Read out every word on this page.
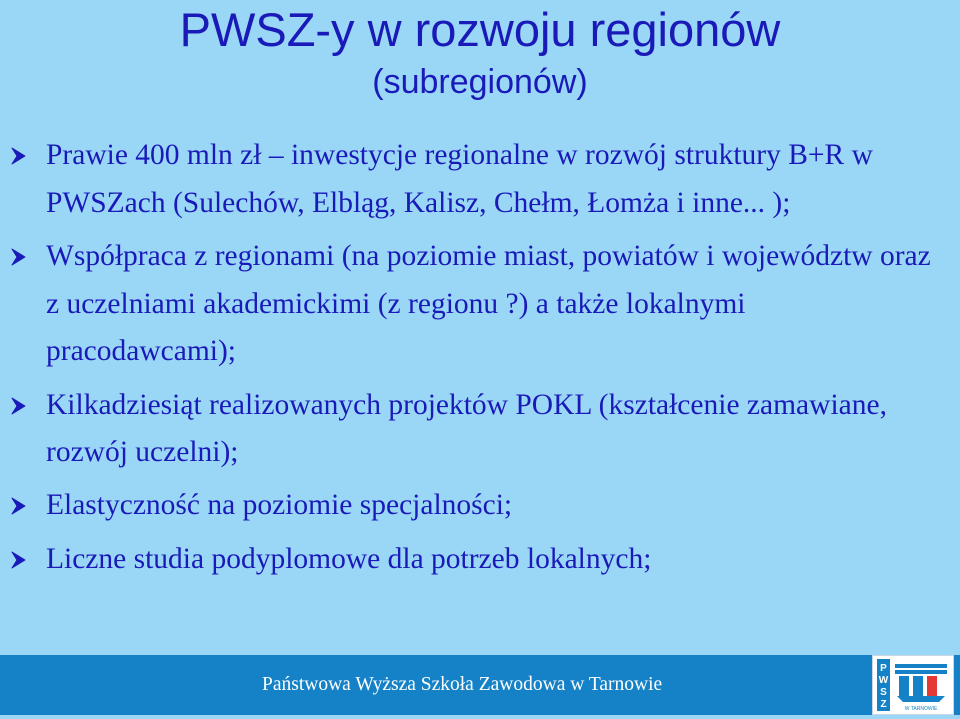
PWSZ-y w rozwoju regionów
(subregionów)
Prawie 400 mln zł – inwestycje regionalne w rozwój struktury B+R w PWSZach (Sulechów, Elbląg, Kalisz, Chełm, Łomża i inne... );
Współpraca z regionami (na poziomie miast, powiatów i województw oraz z uczelniami akademickimi (z regionu ?) a także lokalnymi pracodawcami);
Kilkadziesiąt realizowanych projektów POKL (kształcenie zamawiane, rozwój uczelni);
Elastyczność na poziomie specjalności;
Liczne studia podyplomowe dla potrzeb lokalnych;
Państwowa Wyższa Szkoła Zawodowa w Tarnowie
P
W
S
Z	W TARNOWIE
